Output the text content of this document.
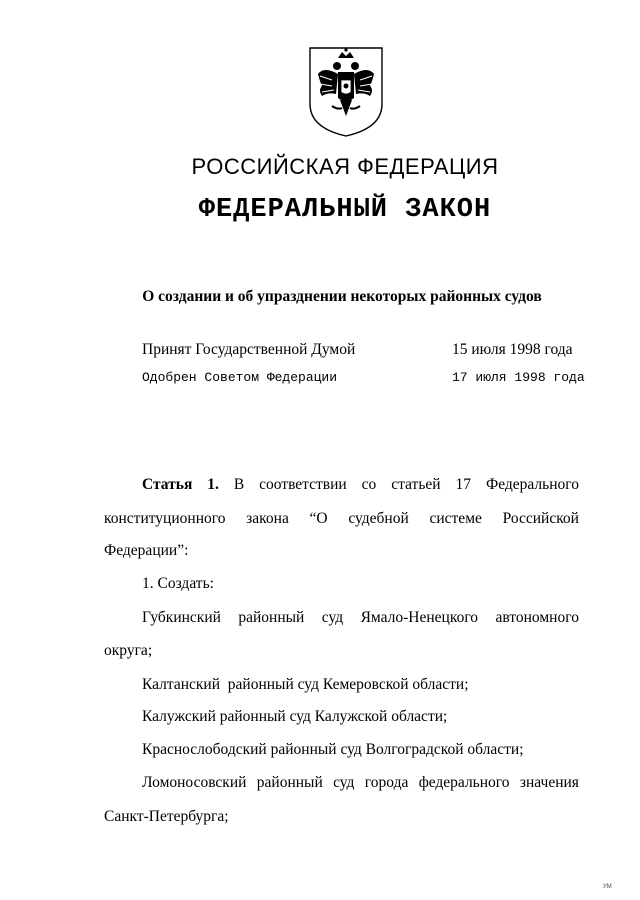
РОССИЙСКАЯ ФЕДЕРАЦИЯ
ФЕДЕРАЛЬНЫЙ ЗАКОН
О создании и об упразднении некоторых районных судов
Принят Государственной Думой	15 июля 1998 года
Одобрен Советом Федерации	17 июля 1998 года
Статья 1. В соответствии со статьей 17 Федерального
конституционного закона “О судебной системе Российской
Федерации”:
1. Создать:
Губкинский районный суд Ямало-Ненецкого автономного
округа;
Калтанский  районный суд Кемеровской области;
Калужский районный суд Калужской области;
Краснослободский районный суд Волгоградской области;
Ломоносовский районный суд города федерального значения
Санкт-Петербурга;
УМ
